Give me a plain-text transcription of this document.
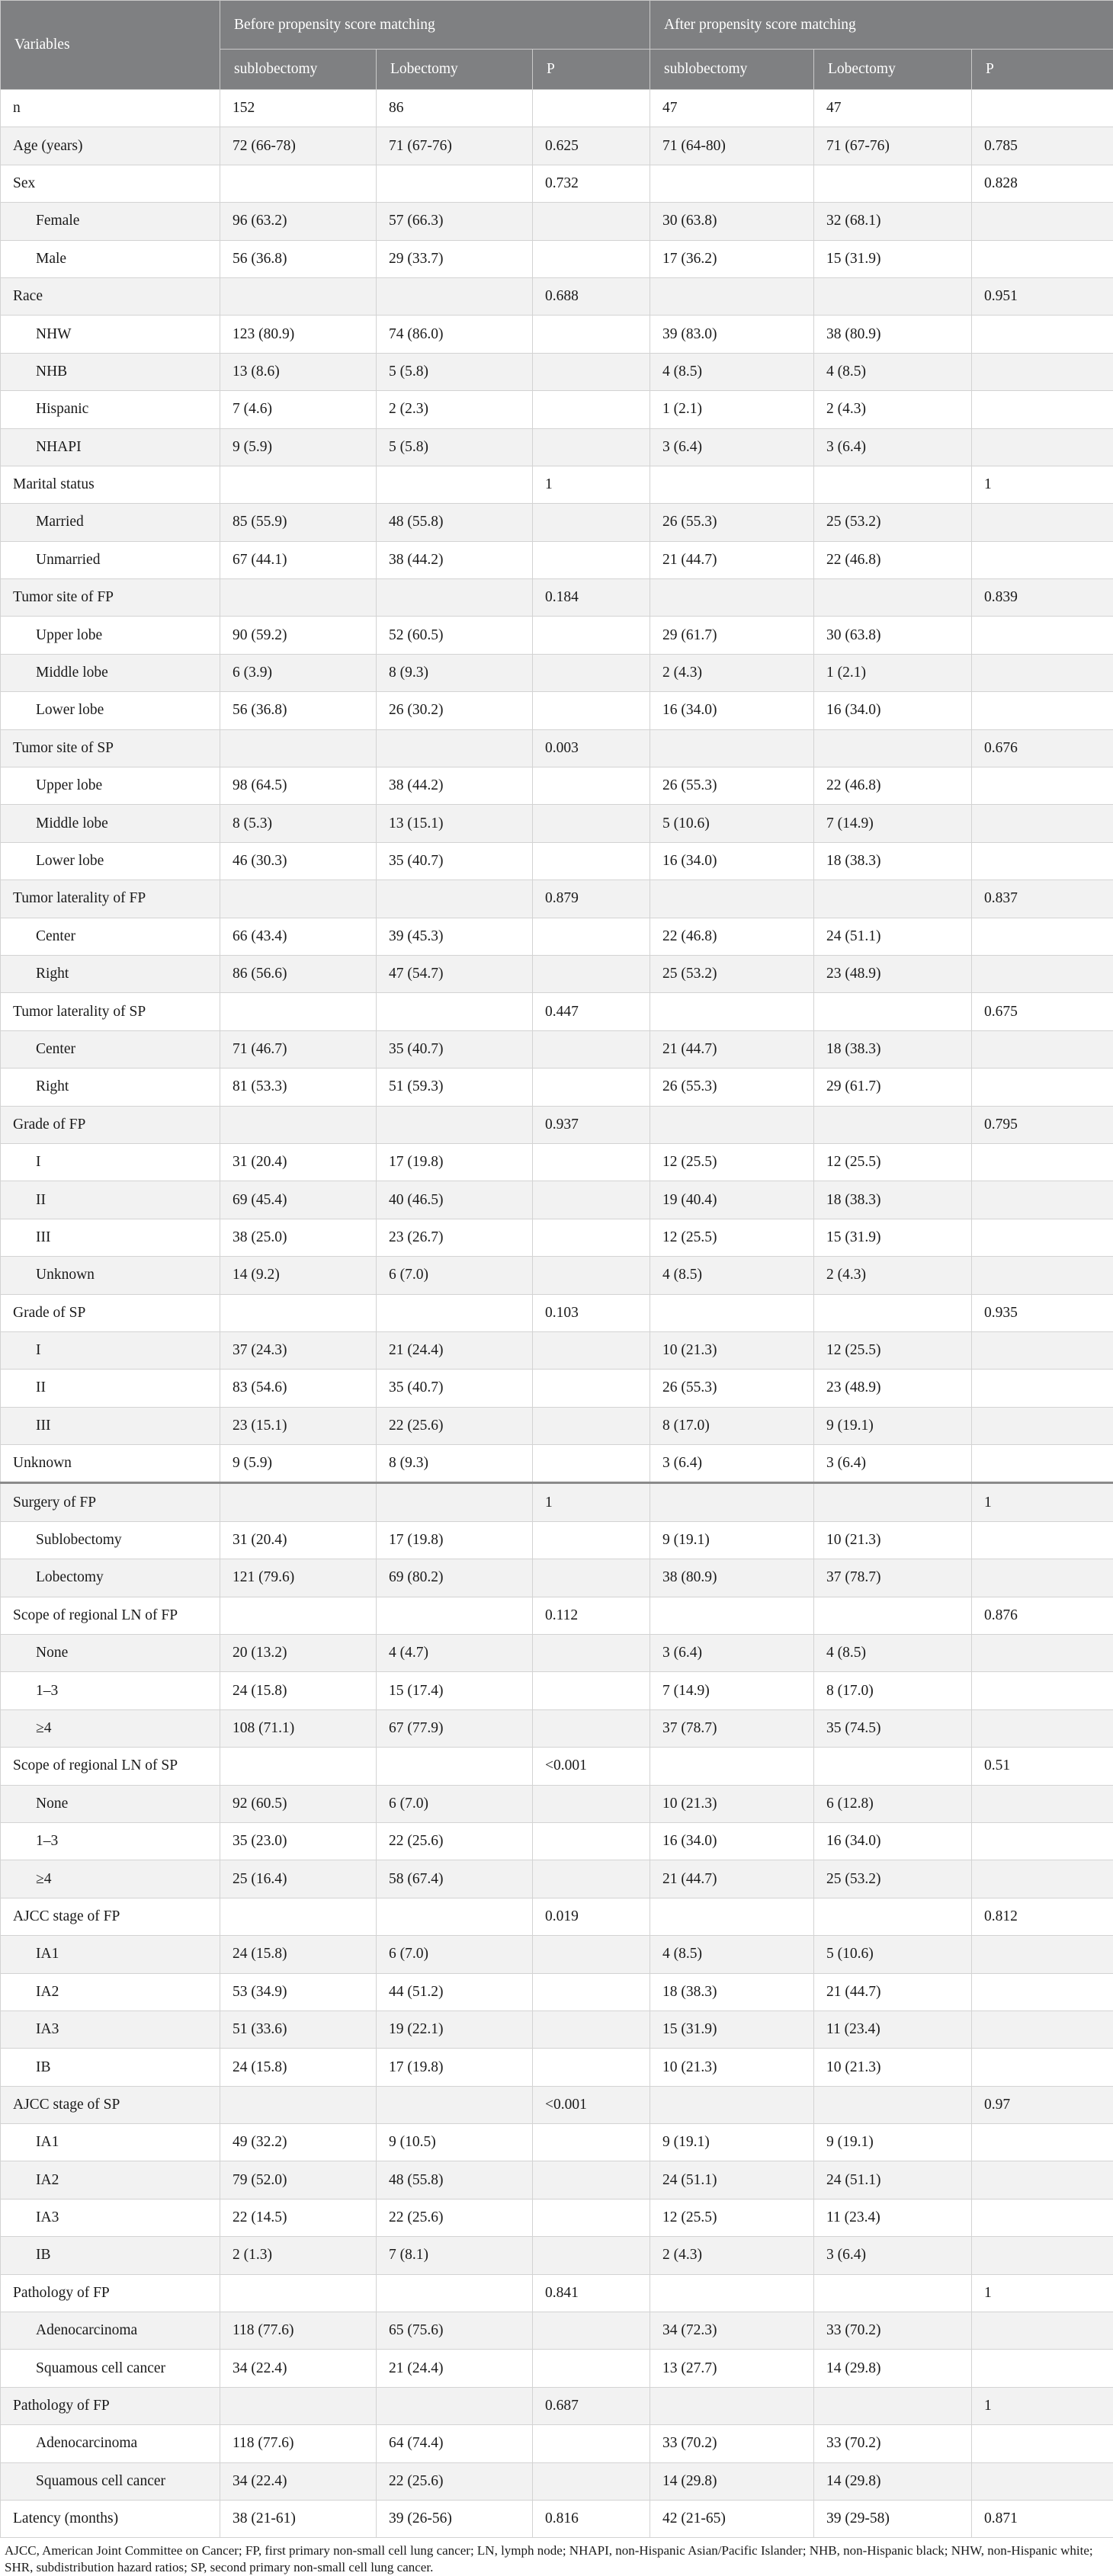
Variables	Before propensity score matching			After propensity score matching		
	sublobectomy	Lobectomy	P	sublobectomy	Lobectomy	P
n	152	86		47	47	
Age (years)	72 (66-78)	71 (67-76)	0.625	71 (64-80)	71 (67-76)	0.785
Sex			0.732			0.828
Female	96 (63.2)	57 (66.3)		30 (63.8)	32 (68.1)	
Male	56 (36.8)	29 (33.7)		17 (36.2)	15 (31.9)	
Race			0.688			0.951
NHW	123 (80.9)	74 (86.0)		39 (83.0)	38 (80.9)	
NHB	13 (8.6)	5 (5.8)		4 (8.5)	4 (8.5)	
Hispanic	7 (4.6)	2 (2.3)		1 (2.1)	2 (4.3)	
NHAPI	9 (5.9)	5 (5.8)		3 (6.4)	3 (6.4)	
Marital status			1			1
Married	85 (55.9)	48 (55.8)		26 (55.3)	25 (53.2)	
Unmarried	67 (44.1)	38 (44.2)		21 (44.7)	22 (46.8)	
Tumor site of FP			0.184			0.839
Upper lobe	90 (59.2)	52 (60.5)		29 (61.7)	30 (63.8)	
Middle lobe	6 (3.9)	8 (9.3)		2 (4.3)	1 (2.1)	
Lower lobe	56 (36.8)	26 (30.2)		16 (34.0)	16 (34.0)	
Tumor site of SP			0.003			0.676
Upper lobe	98 (64.5)	38 (44.2)		26 (55.3)	22 (46.8)	
Middle lobe	8 (5.3)	13 (15.1)		5 (10.6)	7 (14.9)	
Lower lobe	46 (30.3)	35 (40.7)		16 (34.0)	18 (38.3)	
Tumor laterality of FP			0.879			0.837
Center	66 (43.4)	39 (45.3)		22 (46.8)	24 (51.1)	
Right	86 (56.6)	47 (54.7)		25 (53.2)	23 (48.9)	
Tumor laterality of SP			0.447			0.675
Center	71 (46.7)	35 (40.7)		21 (44.7)	18 (38.3)	
Right	81 (53.3)	51 (59.3)		26 (55.3)	29 (61.7)	
Grade of FP			0.937			0.795
I	31 (20.4)	17 (19.8)		12 (25.5)	12 (25.5)	
II	69 (45.4)	40 (46.5)		19 (40.4)	18 (38.3)	
III	38 (25.0)	23 (26.7)		12 (25.5)	15 (31.9)	
Unknown	14 (9.2)	6 (7.0)		4 (8.5)	2 (4.3)	
Grade of SP			0.103			0.935
I	37 (24.3)	21 (24.4)		10 (21.3)	12 (25.5)	
II	83 (54.6)	35 (40.7)		26 (55.3)	23 (48.9)	
III	23 (15.1)	22 (25.6)		8 (17.0)	9 (19.1)	
Unknown	9 (5.9)	8 (9.3)		3 (6.4)	3 (6.4)	
Surgery of FP			1			1
Sublobectomy	31 (20.4)	17 (19.8)		9 (19.1)	10 (21.3)	
Lobectomy	121 (79.6)	69 (80.2)		38 (80.9)	37 (78.7)	
Scope of regional LN of FP			0.112			0.876
None	20 (13.2)	4 (4.7)		3 (6.4)	4 (8.5)	
1–3	24 (15.8)	15 (17.4)		7 (14.9)	8 (17.0)	
≥4	108 (71.1)	67 (77.9)		37 (78.7)	35 (74.5)	
Scope of regional LN of SP			<0.001			0.51
None	92 (60.5)	6 (7.0)		10 (21.3)	6 (12.8)	
1–3	35 (23.0)	22 (25.6)		16 (34.0)	16 (34.0)	
≥4	25 (16.4)	58 (67.4)		21 (44.7)	25 (53.2)	
AJCC stage of FP			0.019			0.812
IA1	24 (15.8)	6 (7.0)		4 (8.5)	5 (10.6)	
IA2	53 (34.9)	44 (51.2)		18 (38.3)	21 (44.7)	
IA3	51 (33.6)	19 (22.1)		15 (31.9)	11 (23.4)	
IB	24 (15.8)	17 (19.8)		10 (21.3)	10 (21.3)	
AJCC stage of SP			<0.001			0.97
IA1	49 (32.2)	9 (10.5)		9 (19.1)	9 (19.1)	
IA2	79 (52.0)	48 (55.8)		24 (51.1)	24 (51.1)	
IA3	22 (14.5)	22 (25.6)		12 (25.5)	11 (23.4)	
IB	2 (1.3)	7 (8.1)		2 (4.3)	3 (6.4)	
Pathology of FP			0.841			1
Adenocarcinoma	118 (77.6)	65 (75.6)		34 (72.3)	33 (70.2)	
Squamous cell cancer	34 (22.4)	21 (24.4)		13 (27.7)	14 (29.8)	
Pathology of FP			0.687			1
Adenocarcinoma	118 (77.6)	64 (74.4)		33 (70.2)	33 (70.2)	
Squamous cell cancer	34 (22.4)	22 (25.6)		14 (29.8)	14 (29.8)	
Latency (months)	38 (21-61)	39 (26-56)	0.816	42 (21-65)	39 (29-58)	0.871
AJCC, American Joint Committee on Cancer; FP, first primary non-small cell lung cancer; LN, lymph node; NHAPI, non-Hispanic Asian/Pacific Islander; NHB, non-Hispanic black; NHW, non-Hispanic white; SHR, subdistribution hazard ratios; SP, second primary non-small cell lung cancer.
